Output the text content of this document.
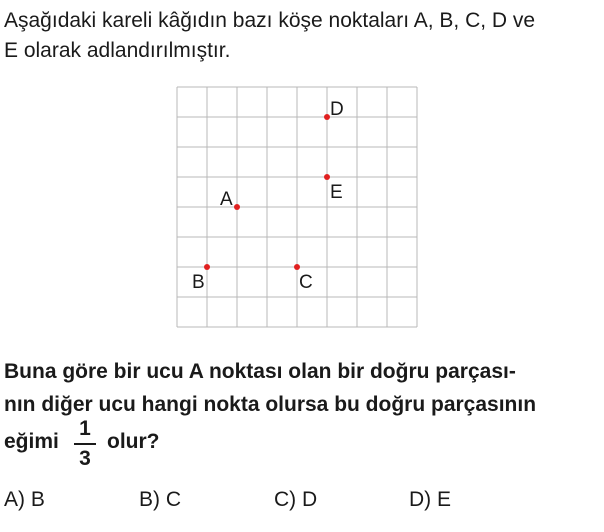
Aşağıdaki kareli kâğıdın bazı köşe noktaları A, B, C, D ve
E olarak adlandırılmıştır.

A
B	C
D
E
Buna göre bir ucu A noktası olan bir doğru parçası-
nın diğer ucu hangi nokta olursa bu doğru parçasının
eğimi
1
3
olur?
A) B	B) C	C) D	D) E
